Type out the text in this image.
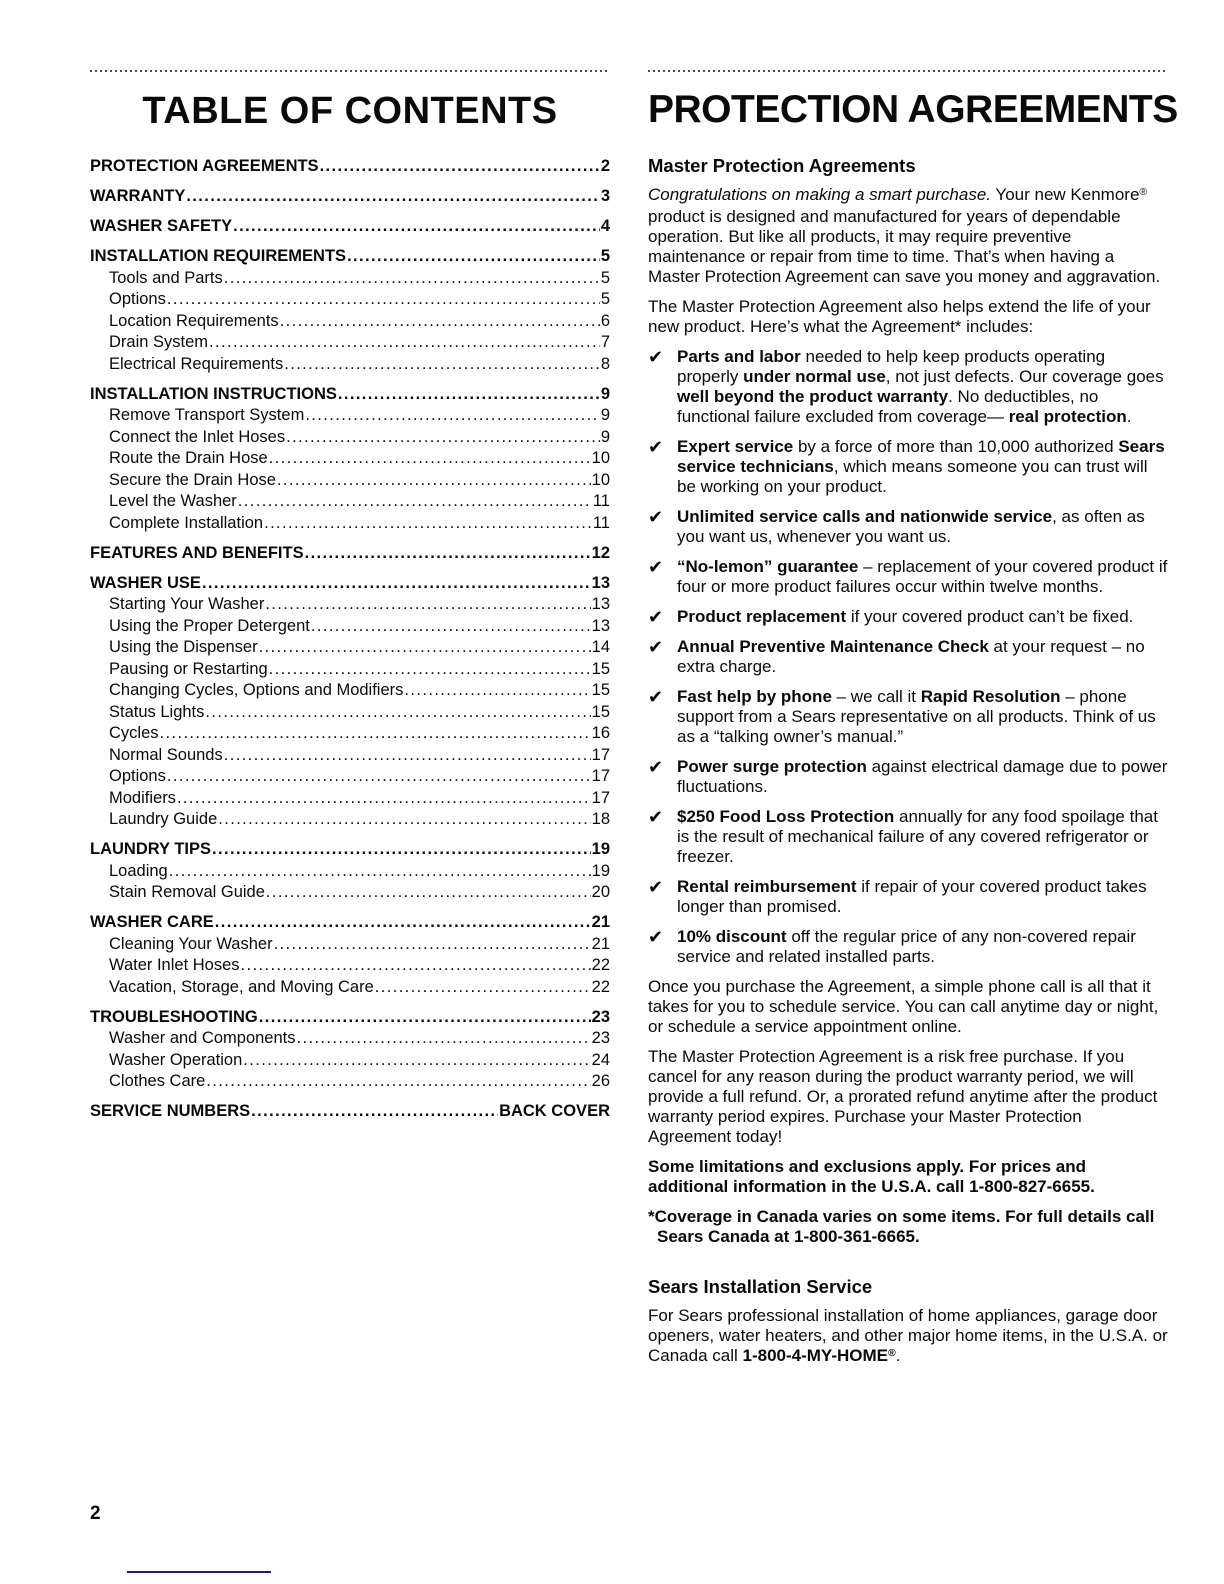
TABLE OF CONTENTS
PROTECTION AGREEMENTS .....	2
WARRANTY .....	3
WASHER SAFETY .....	4
INSTALLATION REQUIREMENTS .....	5
Tools and Parts .....	5
Options .....	5
Location Requirements .....	6
Drain System .....	7
Electrical Requirements .....	8
INSTALLATION INSTRUCTIONS .....	9
Remove Transport System .....	9
Connect the Inlet Hoses .....	9
Route the Drain Hose .....	10
Secure the Drain Hose .....	10
Level the Washer .....	11
Complete Installation .....	11
FEATURES AND BENEFITS .....	12
WASHER USE .....	13
Starting Your Washer .....	13
Using the Proper Detergent .....	13
Using the Dispenser .....	14
Pausing or Restarting .....	15
Changing Cycles, Options and Modifiers .....	15
Status Lights .....	15
Cycles .....	16
Normal Sounds .....	17
Options .....	17
Modifiers .....	17
Laundry Guide .....	18
LAUNDRY TIPS .....	19
Loading .....	19
Stain Removal Guide .....	20
WASHER CARE .....	21
Cleaning Your Washer .....	21
Water Inlet Hoses .....	22
Vacation, Storage, and Moving Care .....	22
TROUBLESHOOTING .....	23
Washer and Components .....	23
Washer Operation .....	24
Clothes Care .....	26
SERVICE NUMBERS .....	BACK COVER
PROTECTION AGREEMENTS
Master Protection Agreements
Congratulations on making a smart purchase. Your new Kenmore® product is designed and manufactured for years of dependable operation. But like all products, it may require preventive maintenance or repair from time to time. That’s when having a Master Protection Agreement can save you money and aggravation.
The Master Protection Agreement also helps extend the life of your new product. Here’s what the Agreement* includes:
✔ Parts and labor needed to help keep products operating properly under normal use, not just defects. Our coverage goes well beyond the product warranty. No deductibles, no functional failure excluded from coverage— real protection.
✔ Expert service by a force of more than 10,000 authorized Sears service technicians, which means someone you can trust will be working on your product.
✔ Unlimited service calls and nationwide service, as often as you want us, whenever you want us.
✔ “No-lemon” guarantee – replacement of your covered product if four or more product failures occur within twelve months.
✔ Product replacement if your covered product can’t be fixed.
✔ Annual Preventive Maintenance Check at your request – no extra charge.
✔ Fast help by phone – we call it Rapid Resolution – phone support from a Sears representative on all products. Think of us as a “talking owner’s manual.”
✔ Power surge protection against electrical damage due to power fluctuations.
✔ $250 Food Loss Protection annually for any food spoilage that is the result of mechanical failure of any covered refrigerator or freezer.
✔ Rental reimbursement if repair of your covered product takes longer than promised.
✔ 10% discount off the regular price of any non-covered repair service and related installed parts.
Once you purchase the Agreement, a simple phone call is all that it takes for you to schedule service. You can call anytime day or night, or schedule a service appointment online.
The Master Protection Agreement is a risk free purchase. If you cancel for any reason during the product warranty period, we will provide a full refund. Or, a prorated refund anytime after the product warranty period expires. Purchase your Master Protection Agreement today!
Some limitations and exclusions apply. For prices and additional information in the U.S.A. call 1-800-827-6655.
*Coverage in Canada varies on some items. For full details call Sears Canada at 1-800-361-6665.
Sears Installation Service
For Sears professional installation of home appliances, garage door openers, water heaters, and other major home items, in the U.S.A. or Canada call 1-800-4-MY-HOME®.
2
